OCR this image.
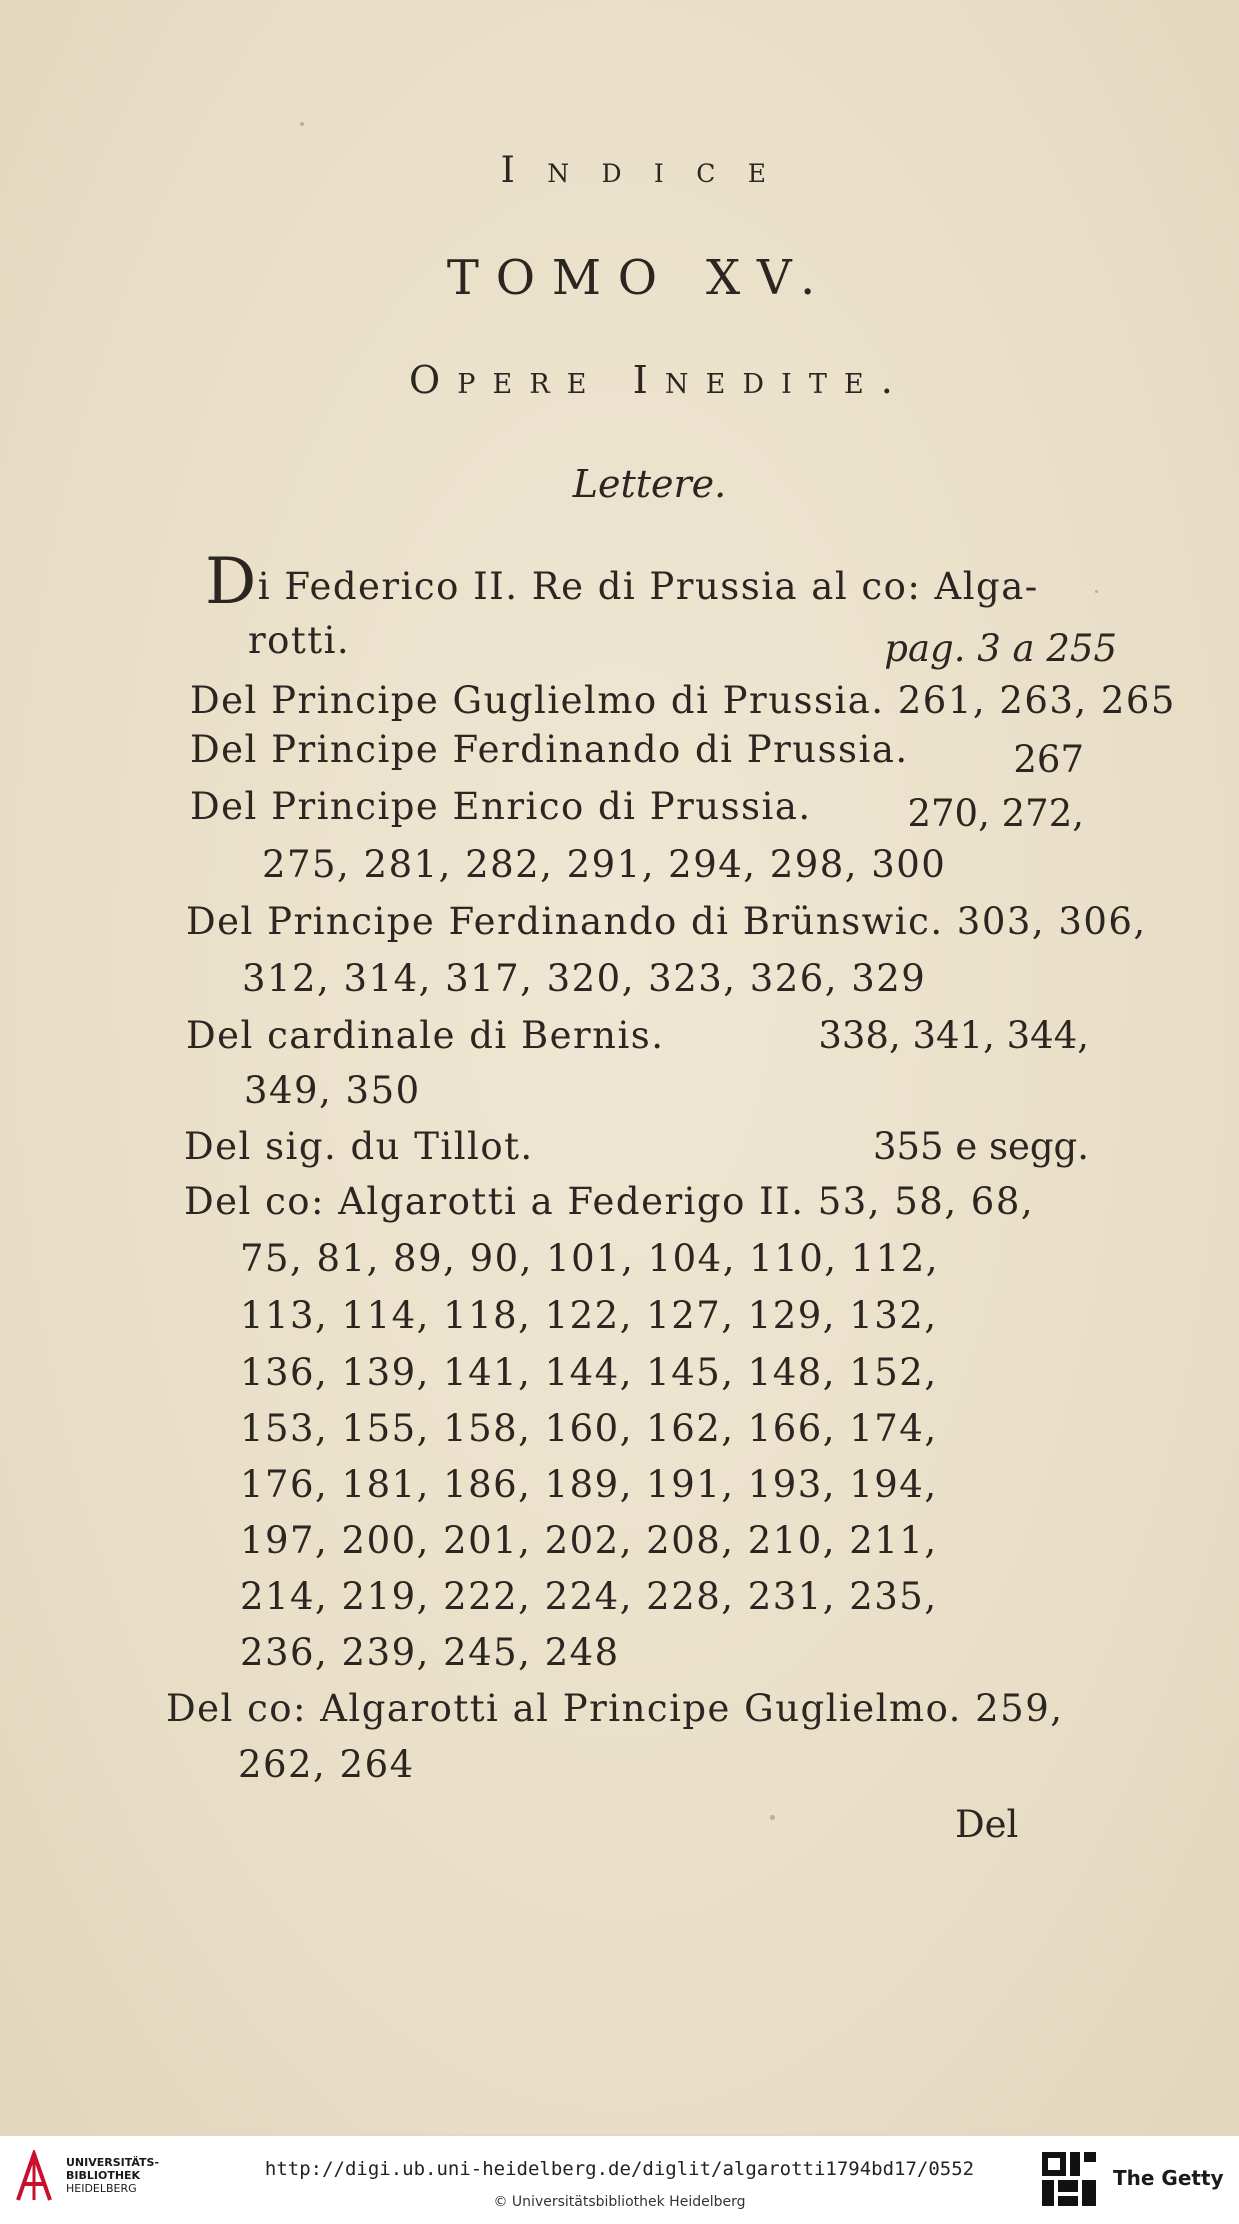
Indice
TOMO XV.
Opere Inedite.
Lettere.
Di Federico II. Re di Prussia al co: Alga-
rotti.	pag. 3 a 255
Del Principe Guglielmo di Prussia. 261, 263, 265
Del Principe Ferdinando di Prussia.	267
Del Principe Enrico di Prussia.	270, 272,
275, 281, 282, 291, 294, 298, 300
Del Principe Ferdinando di Brünswic. 303, 306,
312, 314, 317, 320, 323, 326, 329
Del cardinale di Bernis.	338, 341, 344,
349, 350
Del sig. du Tillot.	355 e segg.
Del co: Algarotti a Federigo II. 53, 58, 68,
75, 81, 89, 90, 101, 104, 110, 112,
113, 114, 118, 122, 127, 129, 132,
136, 139, 141, 144, 145, 148, 152,
153, 155, 158, 160, 162, 166, 174,
176, 181, 186, 189, 191, 193, 194,
197, 200, 201, 202, 208, 210, 211,
214, 219, 222, 224, 228, 231, 235,
236, 239, 245, 248
Del co: Algarotti al Principe Guglielmo. 259,
262, 264
Del
UNIVERSITÄTS-
BIBLIOTHEK
HEIDELBERG
http://digi.ub.uni-heidelberg.de/diglit/algarotti1794bd17/0552
© Universitätsbibliothek Heidelberg
The Getty
